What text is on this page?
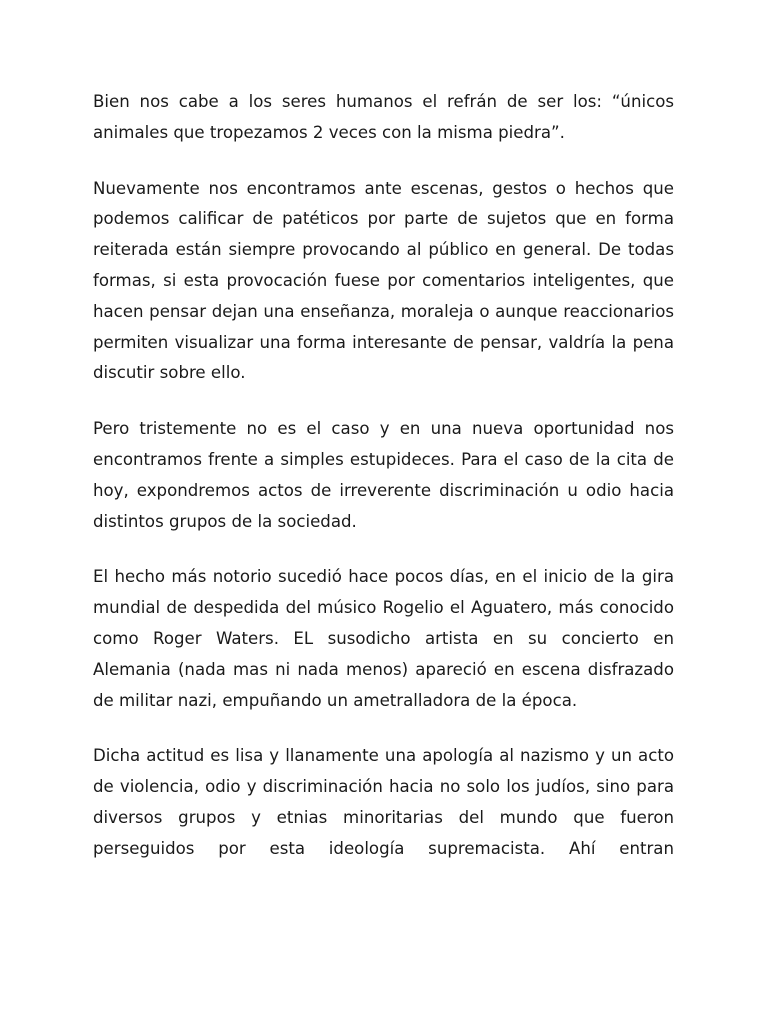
Bien nos cabe a los seres humanos el refrán de ser los: “únicos animales que tropezamos 2 veces con la misma piedra”.

Nuevamente nos encontramos ante escenas, gestos o hechos que podemos calificar de patéticos por parte de sujetos que en forma reiterada están siempre provocando al público en general. De todas formas, si esta provocación fuese por comentarios inteligentes, que hacen pensar dejan una enseñanza, moraleja o aunque reaccionarios permiten visualizar una forma interesante de pensar, valdría la pena discutir sobre ello.

Pero tristemente no es el caso y en una nueva oportunidad nos encontramos frente a simples estupideces. Para el caso de la cita de hoy, expondremos actos de irreverente discriminación u odio hacia distintos grupos de la sociedad.

El hecho más notorio sucedió hace pocos días, en el inicio de la gira mundial de despedida del músico Rogelio el Aguatero, más conocido como Roger Waters. EL susodicho artista en su concierto en Alemania (nada mas ni nada menos) apareció en escena disfrazado de militar nazi, empuñando un ametralladora de la época.

Dicha actitud es lisa y llanamente una apología al nazismo y un acto de violencia, odio y discriminación hacia no solo los judíos, sino para diversos grupos y etnias minoritarias del mundo que fueron perseguidos por esta ideología supremacista. Ahí entran
